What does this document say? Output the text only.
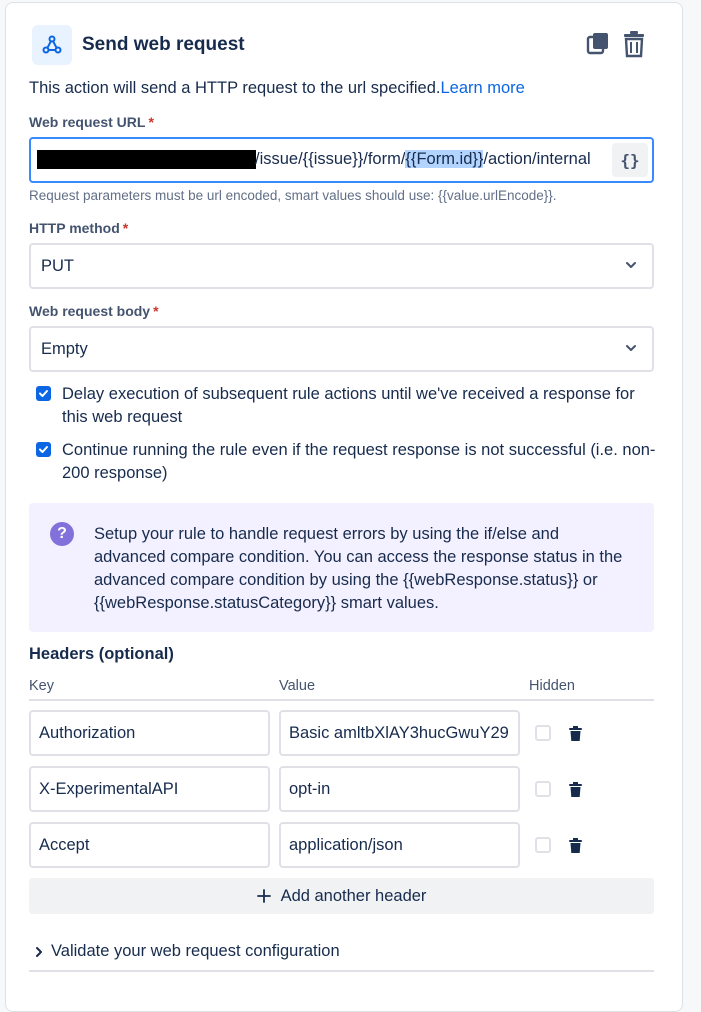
Send web request
This action will send a HTTP request to the url specified.Learn more
Web request URL *
/issue/{{issue}}/form/{{Form.id}}/action/internal	{}
Request parameters must be url encoded, smart values should use: {{value.urlEncode}}.
HTTP method *
PUT
Web request body *
Empty
Delay execution of subsequent rule actions until we've received a response for this web request
Continue running the rule even if the request response is not successful (i.e. non-200 response)
?	Setup your rule to handle request errors by using the if/else and advanced compare condition. You can access the response status in the advanced compare condition by using the {{webResponse.status}} or {{webResponse.statusCategory}} smart values.
Headers (optional)
Key	Value	Hidden
Authorization	Basic amltbXlAY3hucGwuY29
X-ExperimentalAPI	opt-in
Accept	application/json
Add another header
Validate your web request configuration
